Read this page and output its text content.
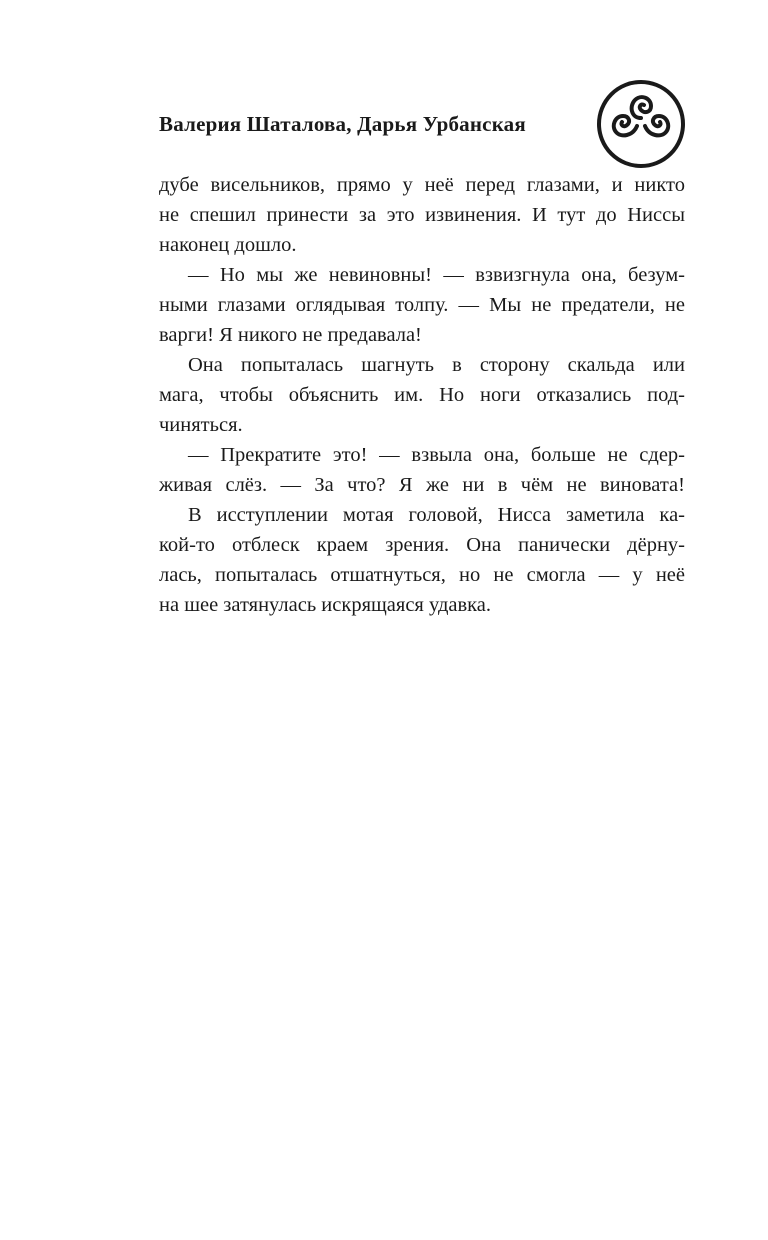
Валерия Шаталова, Дарья Урбанская

дубе висельников, прямо у неё перед глазами, и никто
не спешил принести за это извинения. И тут до Ниссы
наконец дошло.

— Но мы же невиновны! — взвизгнула она, безум-
ными глазами оглядывая толпу. — Мы не предатели, не
варги! Я никого не предавала!

Она попыталась шагнуть в сторону скальда или
мага, чтобы объяснить им. Но ноги отказались под-
чиняться.

— Прекратите это! — взвыла она, больше не сдер-
живая слёз. — За что? Я же ни в чём не виновата!

В исступлении мотая головой, Нисса заметила ка-
кой-то отблеск краем зрения. Она панически дёрну-
лась, попыталась отшатнуться, но не смогла — у неё
на шее затянулась искрящаяся удавка.
